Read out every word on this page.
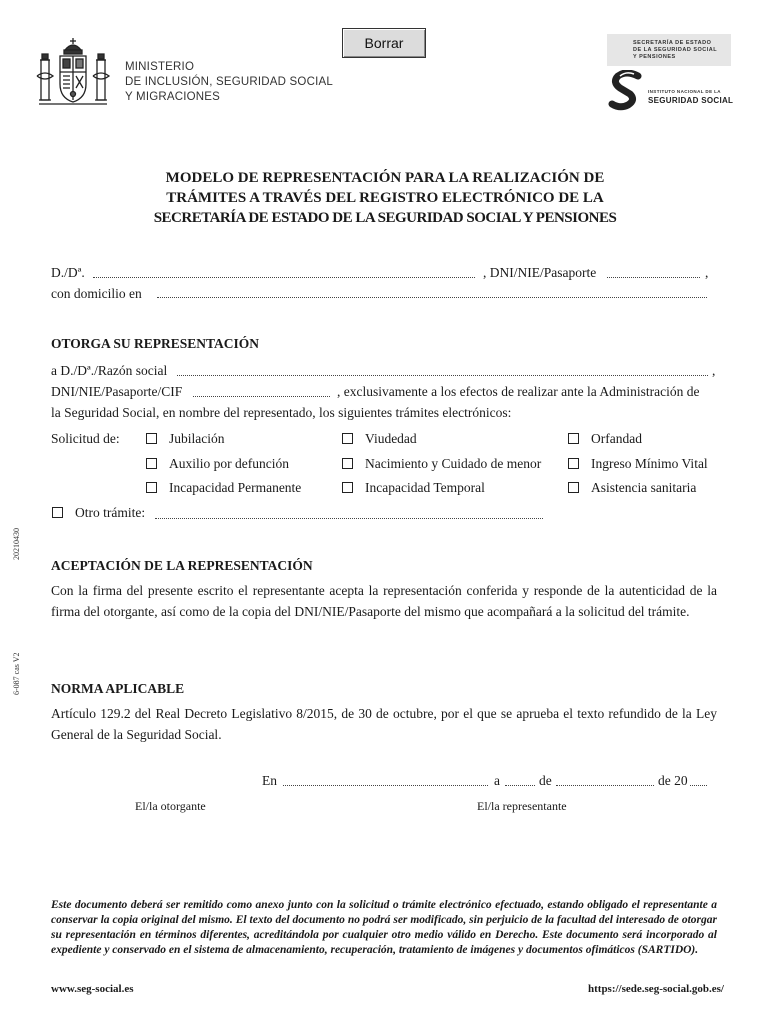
MINISTERIO
DE INCLUSIÓN, SEGURIDAD SOCIAL
Y MIGRACIONES
Borrar	SECRETARÍA DE ESTADO
DE LA SEGURIDAD SOCIAL
Y PENSIONES
INSTITUTO NACIONAL DE LA
SEGURIDAD SOCIAL
MODELO DE REPRESENTACIÓN PARA LA REALIZACIÓN DE
TRÁMITES A TRAVÉS DEL REGISTRO ELECTRÓNICO DE LA
SECRETARÍA DE ESTADO DE LA SEGURIDAD SOCIAL Y PENSIONES
D./Dª.	, DNI/NIE/Pasaporte	,
con domicilio en
OTORGA SU REPRESENTACIÓN
a D./Dª./Razón social	,
DNI/NIE/Pasaporte/CIF	, exclusivamente a los efectos de realizar ante la Administración de
la Seguridad Social, en nombre del representado, los siguientes trámites electrónicos:
Solicitud de:	Jubilación	Viudedad	Orfandad
Auxilio por defunción	Nacimiento y Cuidado de menor	Ingreso Mínimo Vital
Incapacidad Permanente	Incapacidad Temporal	Asistencia sanitaria
Otro trámite:
ACEPTACIÓN DE LA REPRESENTACIÓN
Con la firma del presente escrito el representante acepta la representación conferida y responde de la autenticidad de la firma del otorgante, así como de la copia del DNI/NIE/Pasaporte del mismo que acompañará a la solicitud del trámite.
NORMA APLICABLE
Artículo 129.2 del Real Decreto Legislativo 8/2015, de 30 de octubre, por el que se aprueba el texto refundido de la Ley General de la Seguridad Social.
En	a	de	de 20
El/la otorgante	El/la representante
Este documento deberá ser remitido como anexo junto con la solicitud o trámite electrónico efectuado, estando obligado el representante a conservar la copia original del mismo. El texto del documento no podrá ser modificado, sin perjuicio de la facultad del interesado de otorgar su representación en términos diferentes, acreditándola por cualquier otro medio válido en Derecho. Este documento será incorporado al expediente y conservado en el sistema de almacenamiento, recuperación, tratamiento de imágenes y documentos ofimáticos (SARTIDO).
www.seg-social.es	https://sede.seg-social.gob.es/
6-087 cas V2
20210430
